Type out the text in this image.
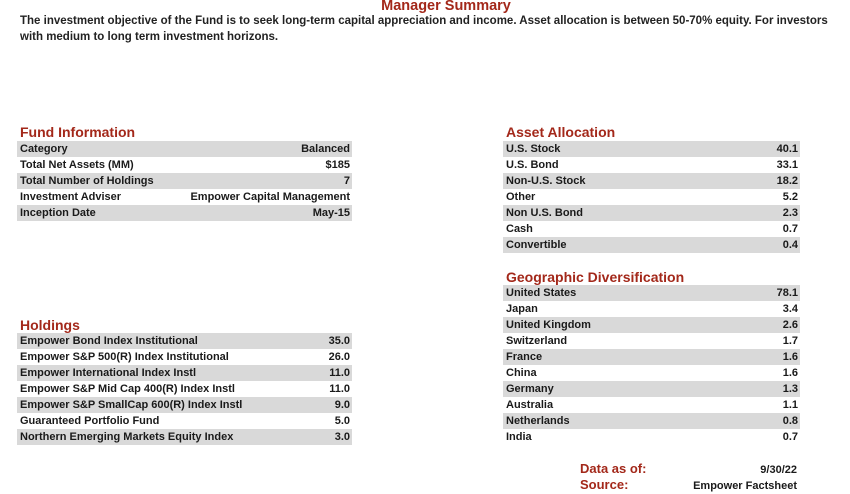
Manager Summary
The investment objective of the Fund is to seek long-term capital appreciation and income. Asset allocation is between 50-70% equity. For investors with medium to long term investment horizons.
Fund Information
Category	Balanced
Total Net Assets (MM)	$185
Total Number of Holdings	7
Investment Adviser	Empower Capital Management
Inception Date	May-15
Holdings
Empower Bond Index Institutional	35.0
Empower S&P 500(R) Index Institutional	26.0
Empower International Index Instl	11.0
Empower S&P Mid Cap 400(R) Index Instl	11.0
Empower S&P SmallCap 600(R) Index Instl	9.0
Guaranteed Portfolio Fund	5.0
Northern Emerging Markets Equity Index	3.0
Asset Allocation
U.S. Stock	40.1
U.S. Bond	33.1
Non-U.S. Stock	18.2
Other	5.2
Non U.S. Bond	2.3
Cash	0.7
Convertible	0.4
Geographic Diversification
United States	78.1
Japan	3.4
United Kingdom	2.6
Switzerland	1.7
France	1.6
China	1.6
Germany	1.3
Australia	1.1
Netherlands	0.8
India	0.7
Data as of:	9/30/22
Source:	Empower Factsheet
